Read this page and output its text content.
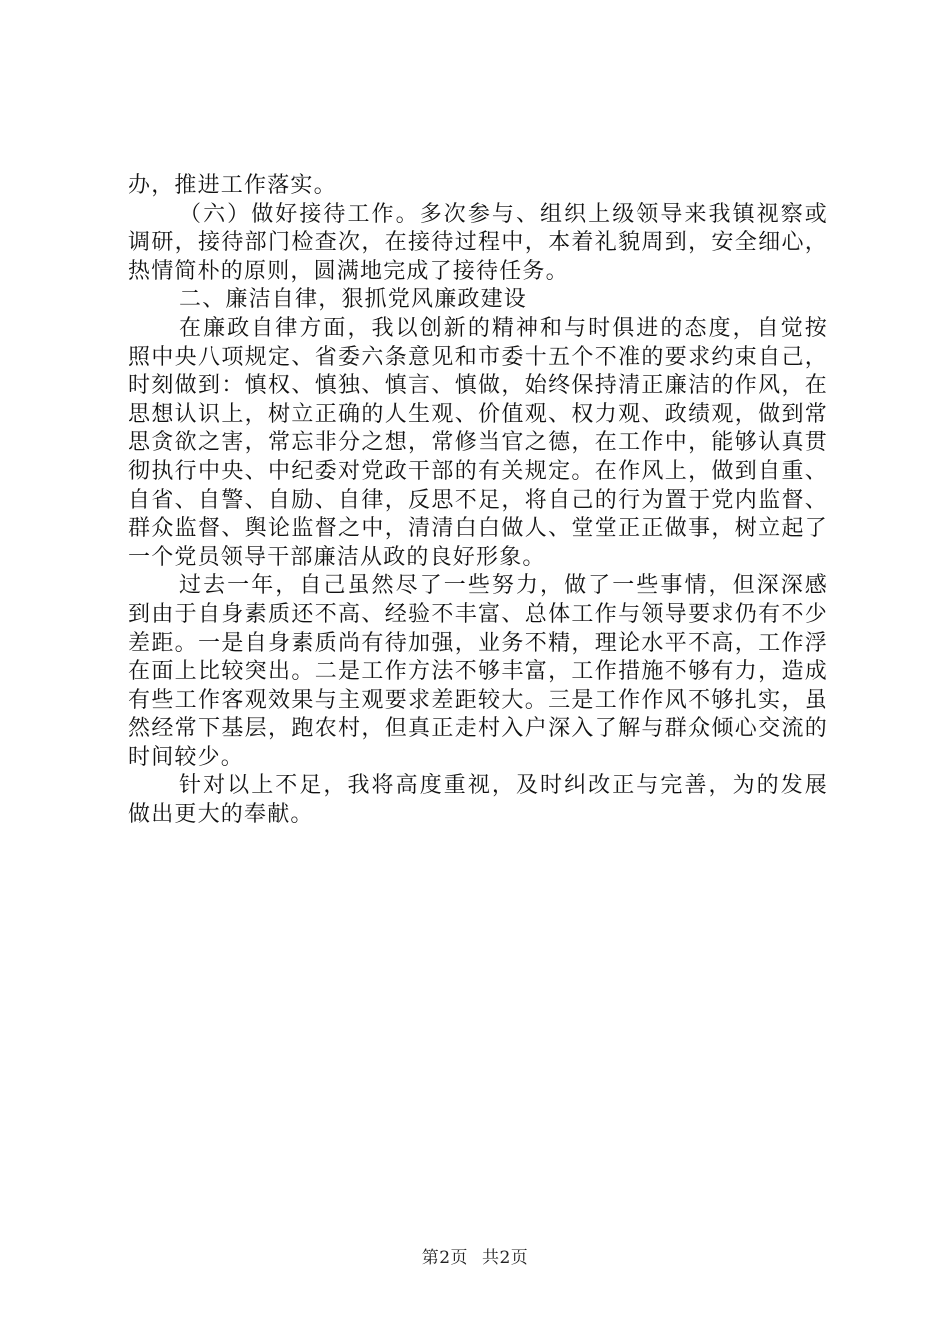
办，推进工作落实。

（六）做好接待工作。多次参与、组织上级领导来我镇视察或调研，接待部门检查次，在接待过程中，本着礼貌周到，安全细心，热情简朴的原则，圆满地完成了接待任务。

二、廉洁自律，狠抓党风廉政建设

在廉政自律方面，我以创新的精神和与时俱进的态度，自觉按照中央八项规定、省委六条意见和市委十五个不准的要求约束自己，时刻做到：慎权、慎独、慎言、慎做，始终保持清正廉洁的作风，在思想认识上，树立正确的人生观、价值观、权力观、政绩观，做到常思贪欲之害，常忘非分之想，常修当官之德，在工作中，能够认真贯彻执行中央、中纪委对党政干部的有关规定。在作风上，做到自重、自省、自警、自励、自律，反思不足，将自己的行为置于党内监督、群众监督、舆论监督之中，清清白白做人、堂堂正正做事，树立起了一个党员领导干部廉洁从政的良好形象。

过去一年，自己虽然尽了一些努力，做了一些事情，但深深感到由于自身素质还不高、经验不丰富、总体工作与领导要求仍有不少差距。一是自身素质尚有待加强，业务不精，理论水平不高，工作浮在面上比较突出。二是工作方法不够丰富，工作措施不够有力，造成有些工作客观效果与主观要求差距较大。三是工作作风不够扎实，虽然经常下基层，跑农村，但真正走村入户深入了解与群众倾心交流的时间较少。

针对以上不足，我将高度重视，及时纠改正与完善，为的发展做出更大的奉献。

第2页 共2页
